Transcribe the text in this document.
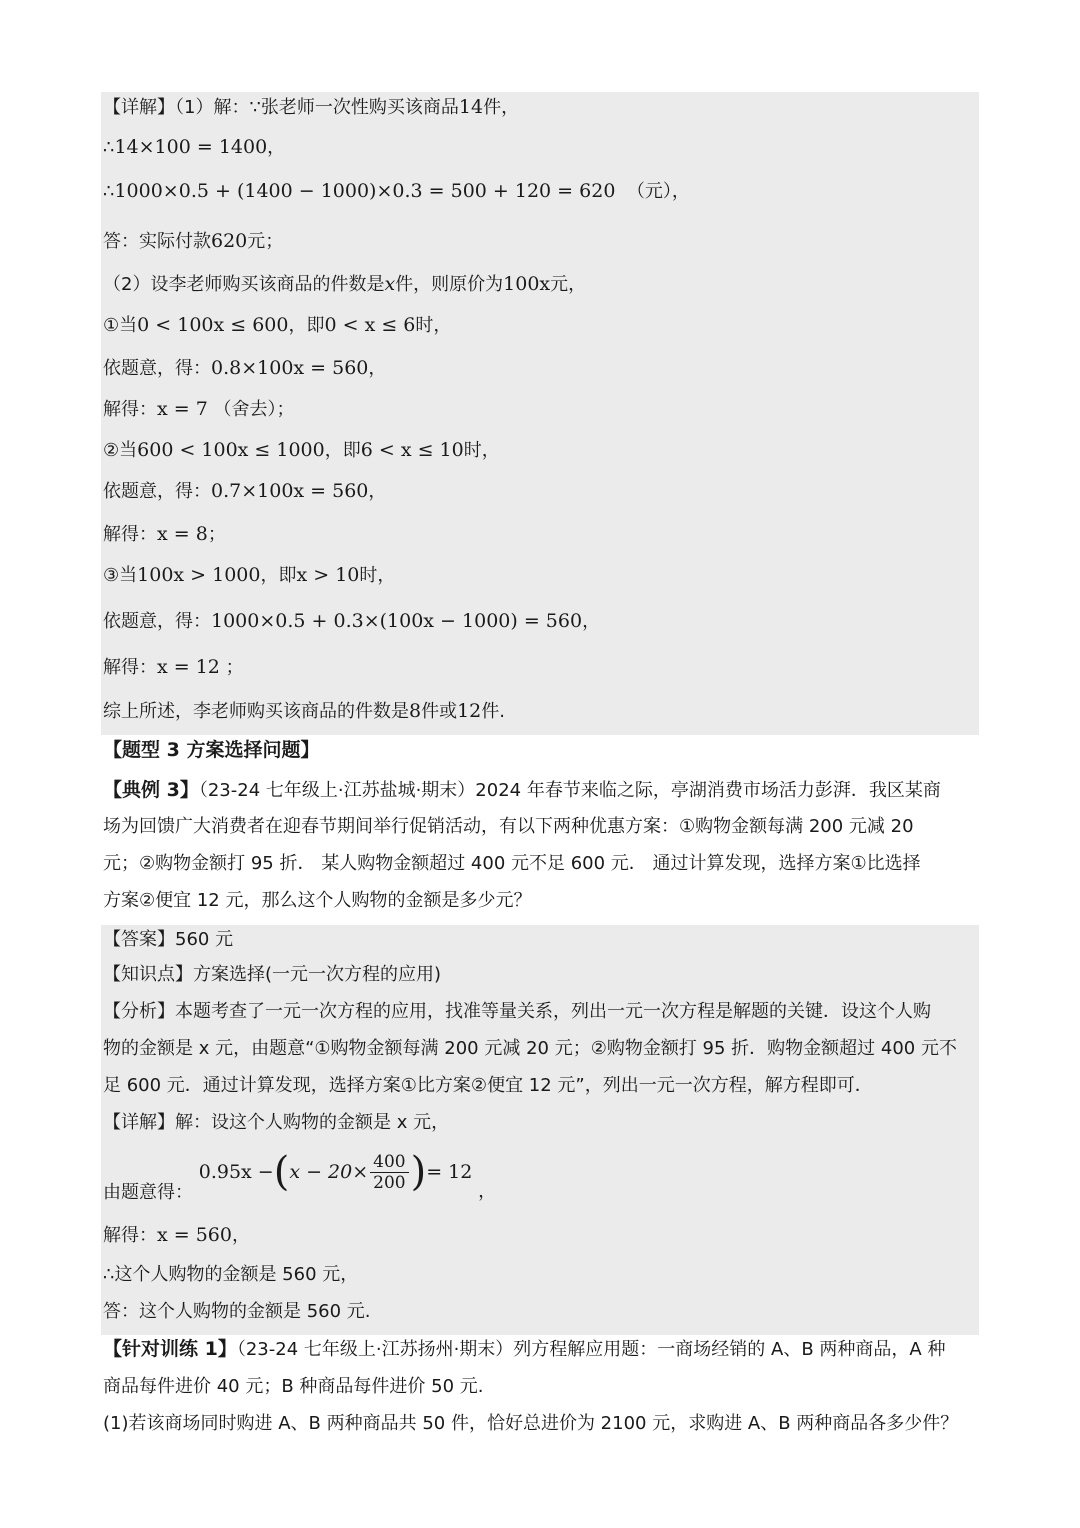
【详解】（1）解：∵张老师一次性购买该商品14件，
∴14×100 = 1400，
∴1000×0.5 + (1400 − 1000)×0.3 = 500 + 120 = 620 （元），
答：实际付款620元；
（2）设李老师购买该商品的件数是x件，则原价为100x元，
①当0 < 100x ≤ 600，即0 < x ≤ 6时，
依题意，得：0.8×100x = 560，
解得：x = 7 （舍去）；
②当600 < 100x ≤ 1000，即6 < x ≤ 10时，
依题意，得：0.7×100x = 560，
解得：x = 8；
③当100x > 1000，即x > 10时，
依题意，得：1000×0.5 + 0.3×(100x − 1000) = 560，
解得：x = 12 ；
综上所述，李老师购买该商品的件数是8件或12件.
【题型 3 方案选择问题】
【典例 3】（23-24 七年级上·江苏盐城·期末）2024 年春节来临之际，亭湖消费市场活力彭湃．我区某商
场为回馈广大消费者在迎春节期间举行促销活动，有以下两种优惠方案：①购物金额每满 200 元减 20
元；②购物金额打 95 折． 某人购物金额超过 400 元不足 600 元． 通过计算发现，选择方案①比选择
方案②便宜 12 元，那么这个人购物的金额是多少元？
【答案】560 元
【知识点】方案选择(一元一次方程的应用)
【分析】本题考查了一元一次方程的应用，找准等量关系，列出一元一次方程是解题的关键．设这个人购
物的金额是 x 元，由题意“①购物金额每满 200 元减 20 元；②购物金额打 95 折．购物金额超过 400 元不
足 600 元．通过计算发现，选择方案①比方案②便宜 12 元”，列出一元一次方程，解方程即可．
【详解】解：设这个人购物的金额是 x 元，
由题意得： $0.95x -(x - 20\times \frac{400}{200}$ )= 12 ，
解得：x = 560，
∴这个人购物的金额是 560 元，
答：这个人购物的金额是 560 元.
【针对训练 1】（23-24 七年级上·江苏扬州·期末）列方程解应用题：一商场经销的 A、B 两种商品，A 种
商品每件进价 40 元；B 种商品每件进价 50 元.
(1)若该商场同时购进 A、B 两种商品共 50 件，恰好总进价为 2100 元，求购进 A、B 两种商品各多少件？
